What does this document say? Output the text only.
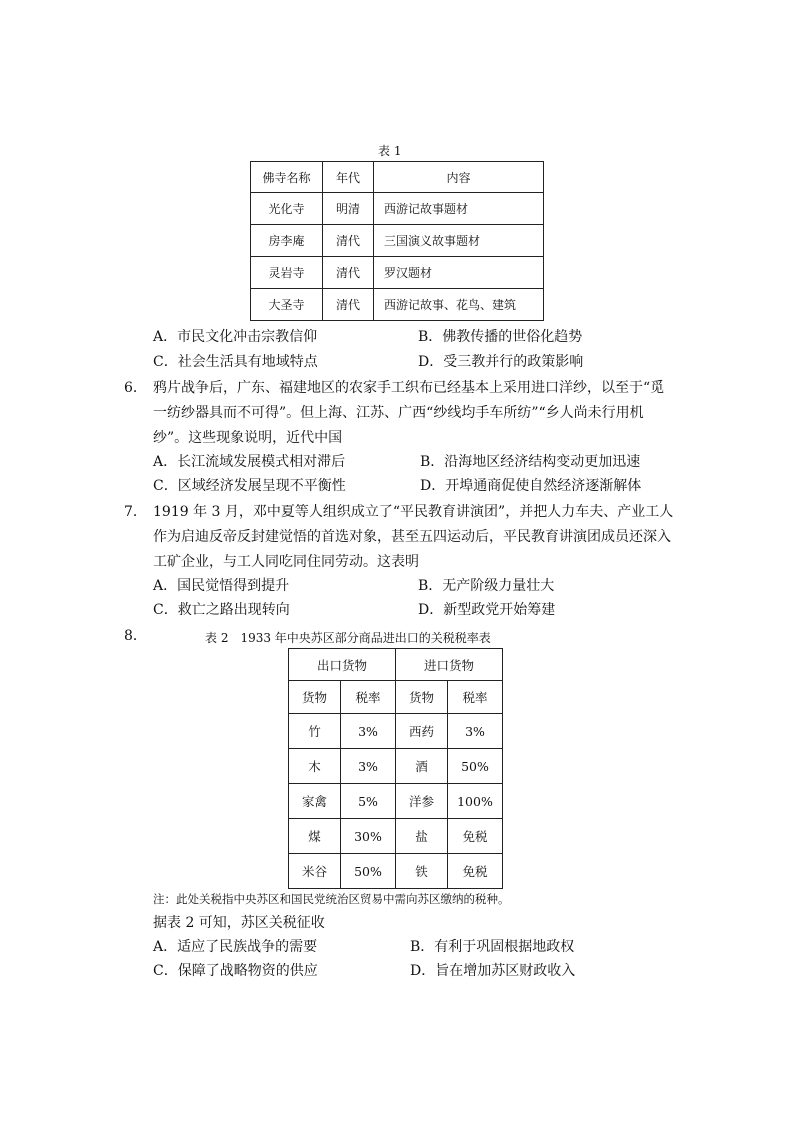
表 1
佛寺名称	年代	内容
光化寺	明清	西游记故事题材
房李庵	清代	三国演义故事题材
灵岩寺	清代	罗汉题材
大圣寺	清代	西游记故事、花鸟、建筑
A．市民文化冲击宗教信仰	B．佛教传播的世俗化趋势
C．社会生活具有地域特点	D．受三教并行的政策影响
6． 鸦片战争后，广东、福建地区的农家手工织布已经基本上采用进口洋纱，以至于“觅
一纺纱器具而不可得”。但上海、江苏、广西“纱线均手车所纺”“乡人尚未行用机
纱”。这些现象说明，近代中国
A．长江流域发展模式相对滞后	B．沿海地区经济结构变动更加迅速
C．区域经济发展呈现不平衡性	D．开埠通商促使自然经济逐渐解体
7． 1919 年 3 月，邓中夏等人组织成立了“平民教育讲演团”，并把人力车夫、产业工人
作为启迪反帝反封建觉悟的首选对象，甚至五四运动后，平民教育讲演团成员还深入
工矿企业，与工人同吃同住同劳动。这表明
A．国民觉悟得到提升	B．无产阶级力量壮大
C．救亡之路出现转向	D．新型政党开始筹建
8．	表 2　1933 年中央苏区部分商品进出口的关税税率表
出口货物		进口货物	
货物	税率	货物	税率
竹	3%	西药	3%
木	3%	酒	50%
家禽	5%	洋参	100%
煤	30%	盐	免税
米谷	50%	铁	免税
注：此处关税指中央苏区和国民党统治区贸易中需向苏区缴纳的税种。
据表 2 可知，苏区关税征收
A．适应了民族战争的需要	B．有利于巩固根据地政权
C．保障了战略物资的供应	D．旨在增加苏区财政收入
